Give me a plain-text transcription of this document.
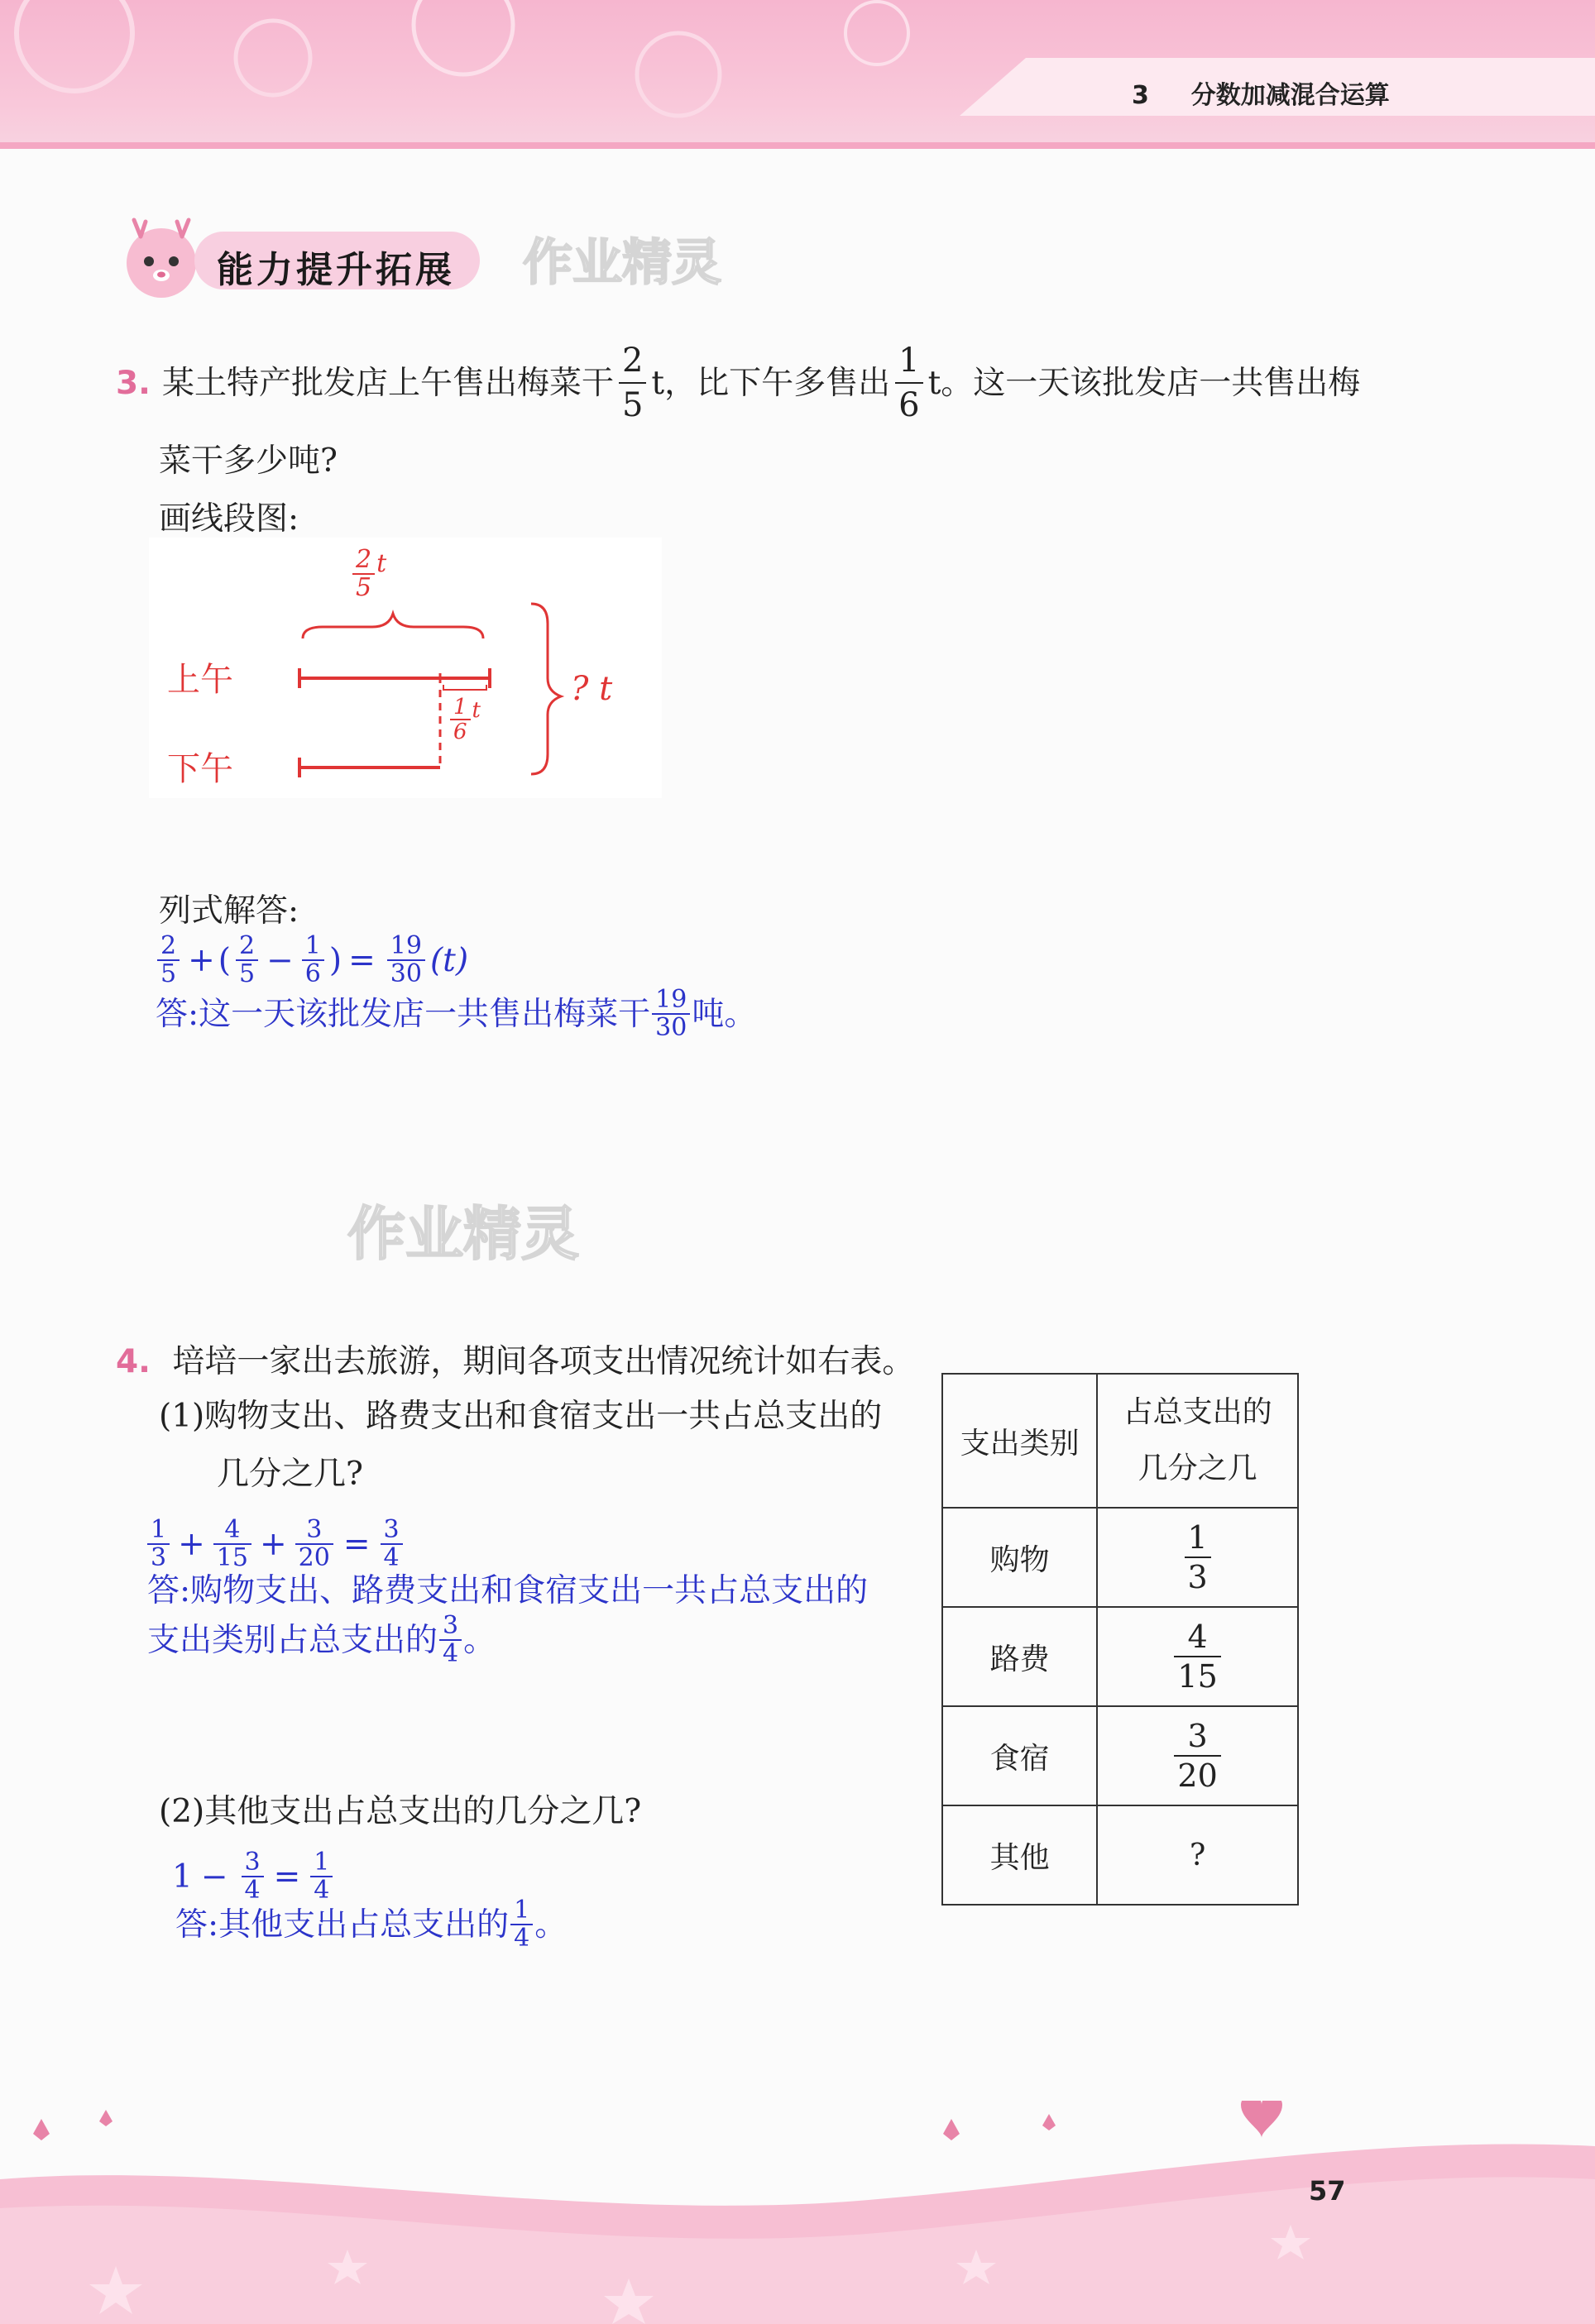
3 分数加减混合运算
能力提升拓展 作业精灵
3. 某土特产批发店上午售出梅菜干 $\frac{2}{5}$ t，比下午多售出 $\frac{1}{6}$ t。这一天该批发店一共售出梅
菜干多少吨?
画线段图:
$\frac{2}{5}$ t
上午
下午
$\frac{1}{6}$ t
? t
列式解答:
$\frac{2}{5}$ + ( $\frac{2}{5} - \frac{1}{6}$ ) = $\frac{19}{30} (t)$
答:这一天该批发店一共售出梅菜干 $\frac{19}{30}$ 吨。
作业精灵
4. 培培一家出去旅游，期间各项支出情况统计如右表。
(1)购物支出、路费支出和食宿支出一共占总支出的
几分之几?
$\frac{1}{3} + \frac{4}{15} + \frac{3}{20} = \frac{3}{4}$
答:购物支出、路费支出和食宿支出一共占总支出的
支出类别占总支出的 $\frac{3}{4}$ 。
(2)其他支出占总支出的几分之几?
$1 - \frac{3}{4} = \frac{1}{4}$
答:其他支出占总支出的 $\frac{1}{4}$ 。
支出类别	占总支出的
几分之几

购物	$\frac{1}{3}$

路费	$\frac{4}{15}$

食宿	$\frac{3}{20}$

其他	?
57
